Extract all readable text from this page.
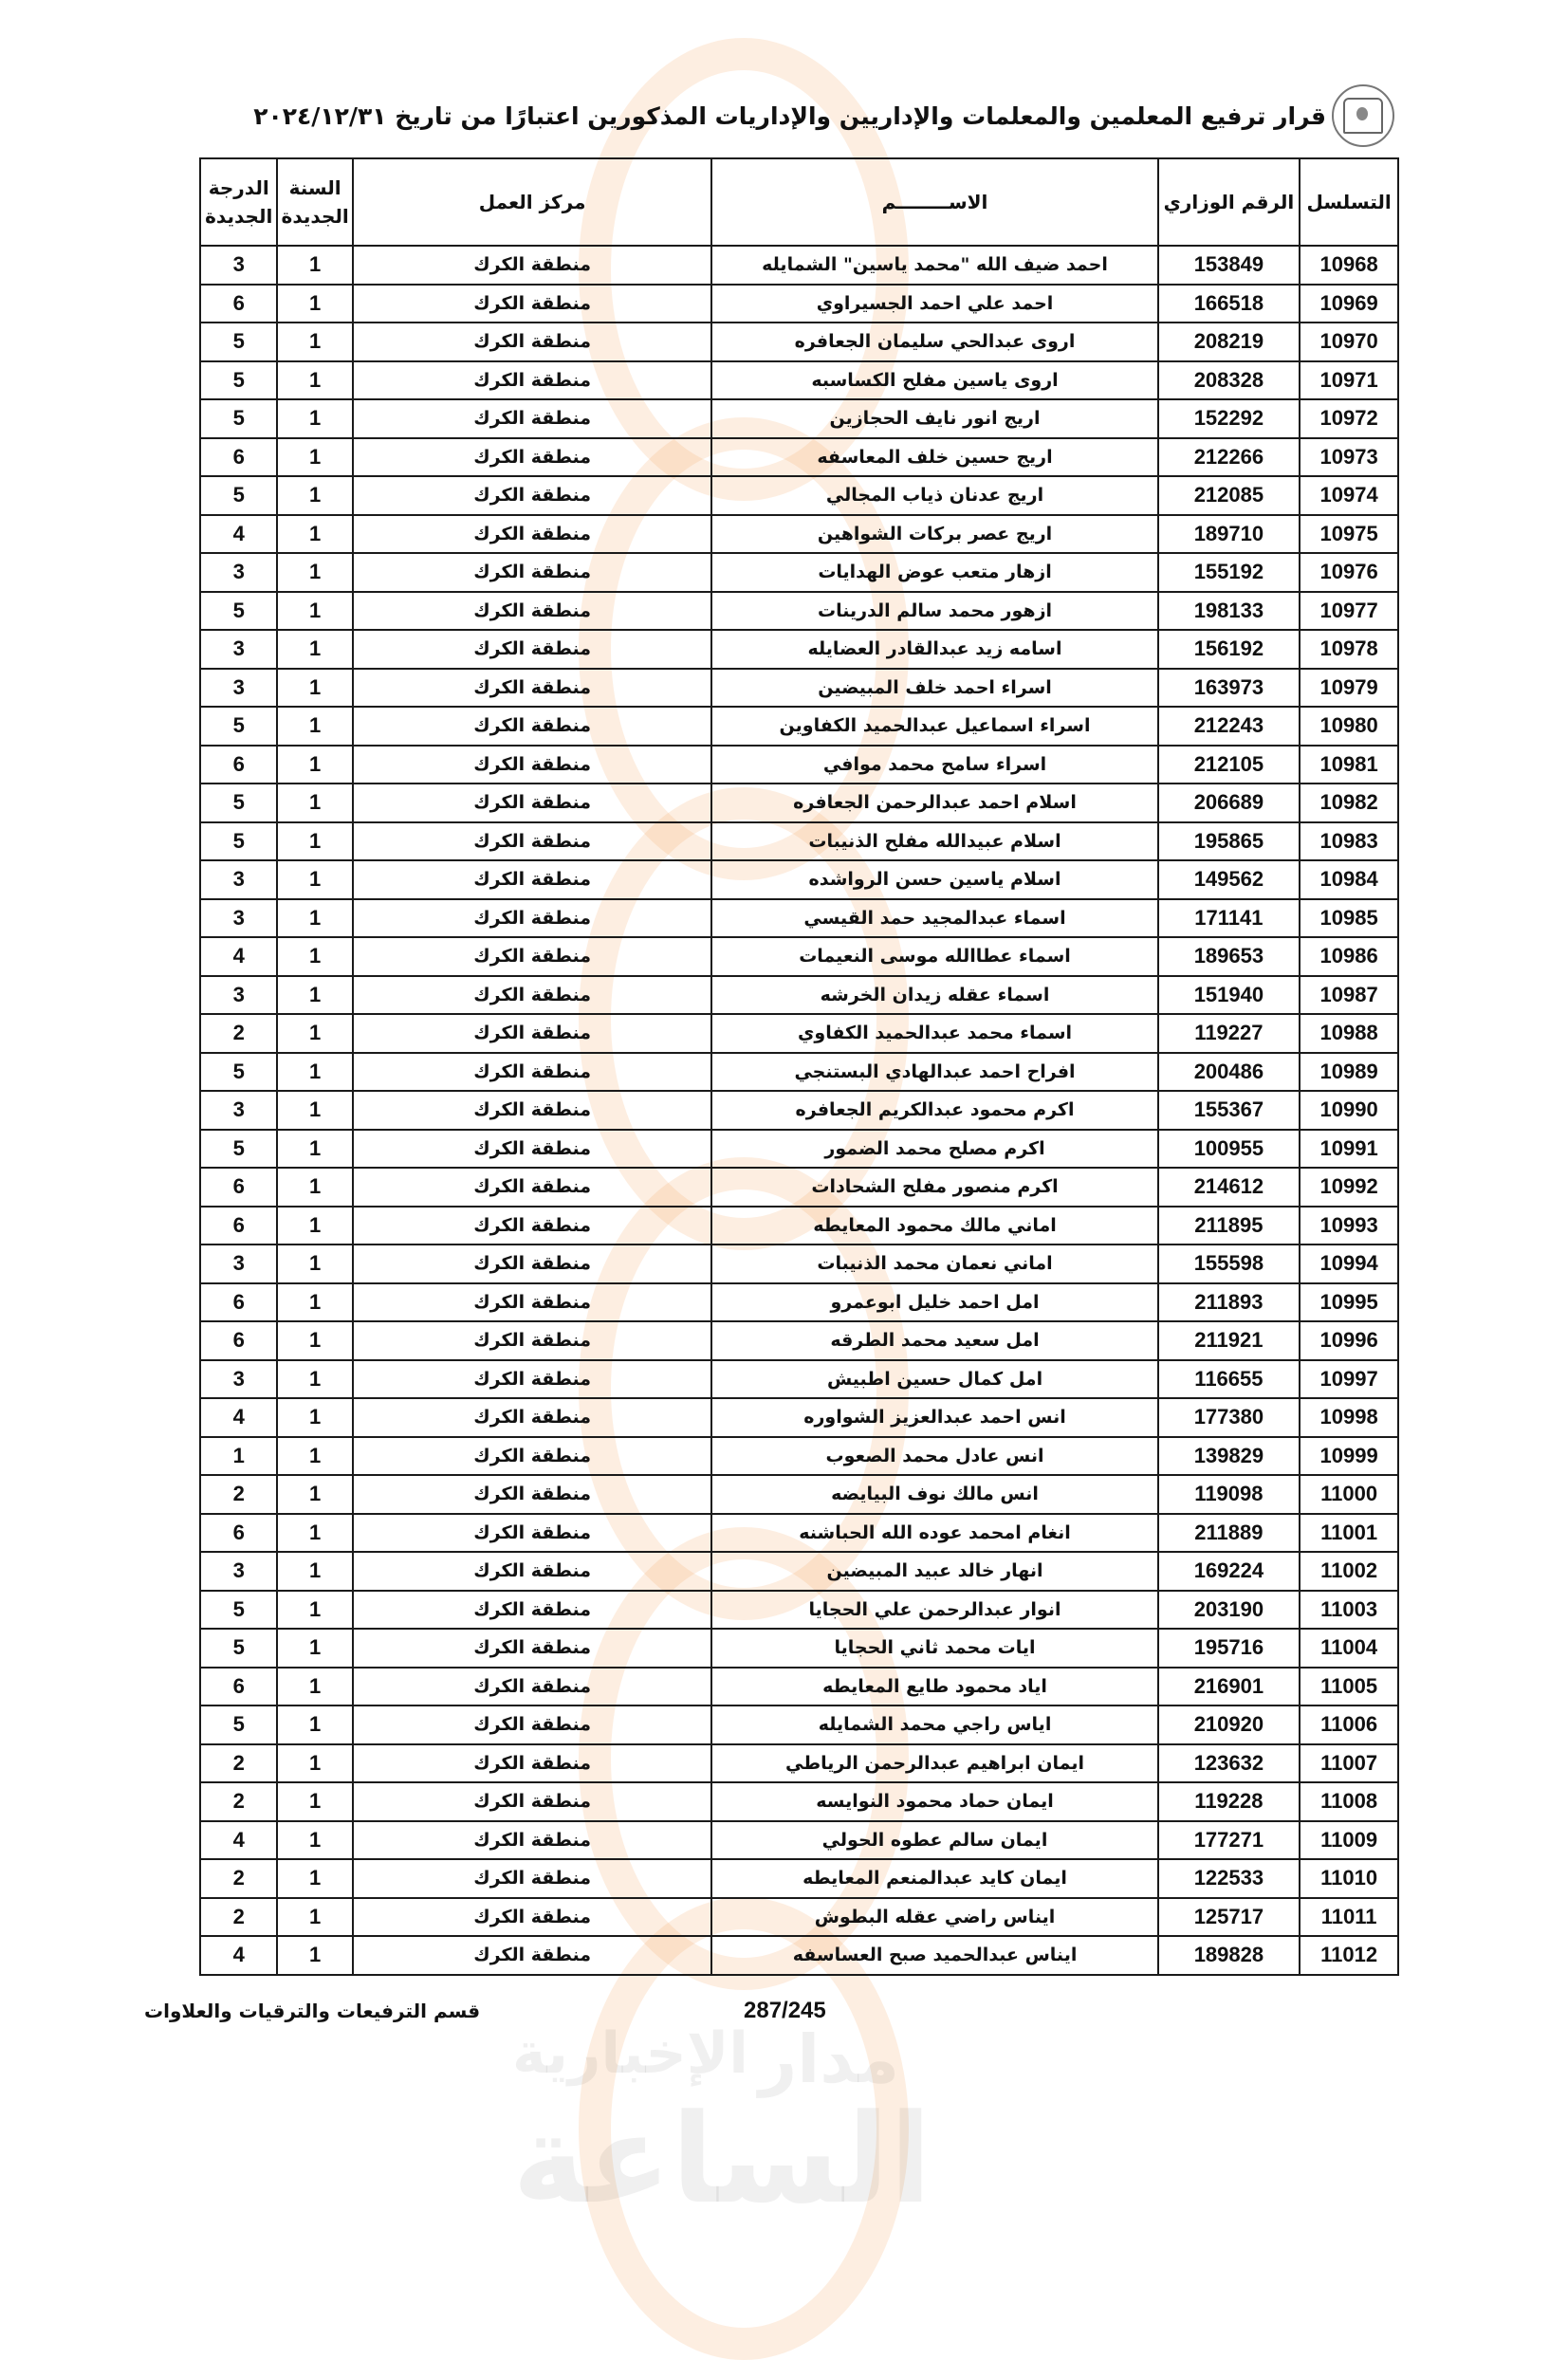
الإخبارية مدار
الساعة
قرار ترفيع المعلمين والمعلمات والإداريين والإداريات المذكورين اعتبارًا من تاريخ ٢٠٢٤/١٢/٣١
التسلسل	الرقم الوزاري	الاســــــــم	مركز العمل	السنة الجديدة	الدرجة الجديدة
10968	153849	احمد ضيف الله "محمد ياسين" الشمايله	منطقة الكرك	1	3
10969	166518	احمد علي احمد الجسيراوي	منطقة الكرك	1	6
10970	208219	اروى عبدالحي سليمان الجعافره	منطقة الكرك	1	5
10971	208328	اروى ياسين مفلح الكساسبه	منطقة الكرك	1	5
10972	152292	اريج انور نايف الحجازين	منطقة الكرك	1	5
10973	212266	اريج حسين خلف المعاسفه	منطقة الكرك	1	6
10974	212085	اريج عدنان ذياب المجالي	منطقة الكرك	1	5
10975	189710	اريج عصر بركات الشواهين	منطقة الكرك	1	4
10976	155192	ازهار متعب عوض الهدايات	منطقة الكرك	1	3
10977	198133	ازهور محمد سالم الدرينات	منطقة الكرك	1	5
10978	156192	اسامه زيد عبدالقادر العضايله	منطقة الكرك	1	3
10979	163973	اسراء احمد خلف المبيضين	منطقة الكرك	1	3
10980	212243	اسراء اسماعيل عبدالحميد الكفاوين	منطقة الكرك	1	5
10981	212105	اسراء سامح محمد موافي	منطقة الكرك	1	6
10982	206689	اسلام احمد عبدالرحمن الجعافره	منطقة الكرك	1	5
10983	195865	اسلام عبيدالله مفلح الذنيبات	منطقة الكرك	1	5
10984	149562	اسلام ياسين حسن الرواشده	منطقة الكرك	1	3
10985	171141	اسماء عبدالمجيد حمد القيسي	منطقة الكرك	1	3
10986	189653	اسماء عطاالله موسى النعيمات	منطقة الكرك	1	4
10987	151940	اسماء عقله زيدان الخرشه	منطقة الكرك	1	3
10988	119227	اسماء محمد عبدالحميد الكفاوي	منطقة الكرك	1	2
10989	200486	افراح احمد عبدالهادي البستنجي	منطقة الكرك	1	5
10990	155367	اكرم محمود عبدالكريم الجعافره	منطقة الكرك	1	3
10991	100955	اكرم مصلح محمد الضمور	منطقة الكرك	1	5
10992	214612	اكرم منصور مفلح الشحادات	منطقة الكرك	1	6
10993	211895	اماني مالك محمود المعايطه	منطقة الكرك	1	6
10994	155598	اماني نعمان محمد الذنيبات	منطقة الكرك	1	3
10995	211893	امل احمد خليل ابوعمرو	منطقة الكرك	1	6
10996	211921	امل سعيد محمد الطرقه	منطقة الكرك	1	6
10997	116655	امل كمال حسين اطبيش	منطقة الكرك	1	3
10998	177380	انس احمد عبدالعزيز الشواوره	منطقة الكرك	1	4
10999	139829	انس عادل محمد الصعوب	منطقة الكرك	1	1
11000	119098	انس مالك نوف البيايضه	منطقة الكرك	1	2
11001	211889	انغام امحمد عوده الله الحباشنه	منطقة الكرك	1	6
11002	169224	انهار خالد عبيد المبيضين	منطقة الكرك	1	3
11003	203190	انوار عبدالرحمن علي الحجايا	منطقة الكرك	1	5
11004	195716	ايات محمد ثاني الحجايا	منطقة الكرك	1	5
11005	216901	اياد محمود طايع المعايطه	منطقة الكرك	1	6
11006	210920	اياس راجي محمد الشمايله	منطقة الكرك	1	5
11007	123632	ايمان ابراهيم عبدالرحمن الرياطي	منطقة الكرك	1	2
11008	119228	ايمان حماد محمود النوايسه	منطقة الكرك	1	2
11009	177271	ايمان سالم عطوه الحولي	منطقة الكرك	1	4
11010	122533	ايمان كايد عبدالمنعم المعايطه	منطقة الكرك	1	2
11011	125717	ايناس راضي عقله البطوش	منطقة الكرك	1	2
11012	189828	ايناس عبدالحميد صبح العساسفه	منطقة الكرك	1	4
قسم الترفيعات والترقيات والعلاوات	287/245
